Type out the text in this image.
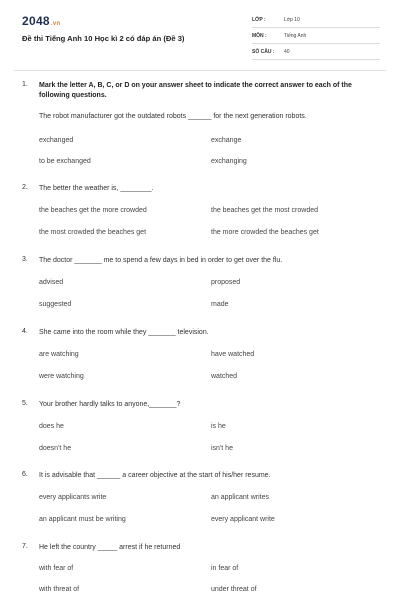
2048.vn
Đề thi Tiếng Anh 10 Học kì 2 có đáp án (Đề 3)
LỚP :	Lớp 10
MÔN :	Tiếng Anh
SỐ CÂU : 40
1. Mark the letter A, B, C, or D on your answer sheet to indicate the correct answer to each of the following questions.
The robot manufacturer got the outdated robots ______ for the next generation robots.
exchanged	exchange
to be exchanged	exchanging
2. The better the weather is, ________.
the beaches get the more crowded	the beaches get the most crowded
the most crowded the beaches get	the more crowded the beaches get
3. The doctor _______ me to spend a few days in bed in order to get over the flu.
advised	proposed
suggested	made
4. She came into the room while they _______ television.
are watching	have watched
were watching	watched
5. Your brother hardly talks to anyone,_______?
does he	is he
doesn't he	isn't he
6. It is advisable that ______ a career objective at the start of his/her resume.
every applicants write	an applicant writes
an applicant must be writing	every applicant write
7. He left the country _____ arrest if he returned
with fear of	in fear of
with threat of	under threat of
